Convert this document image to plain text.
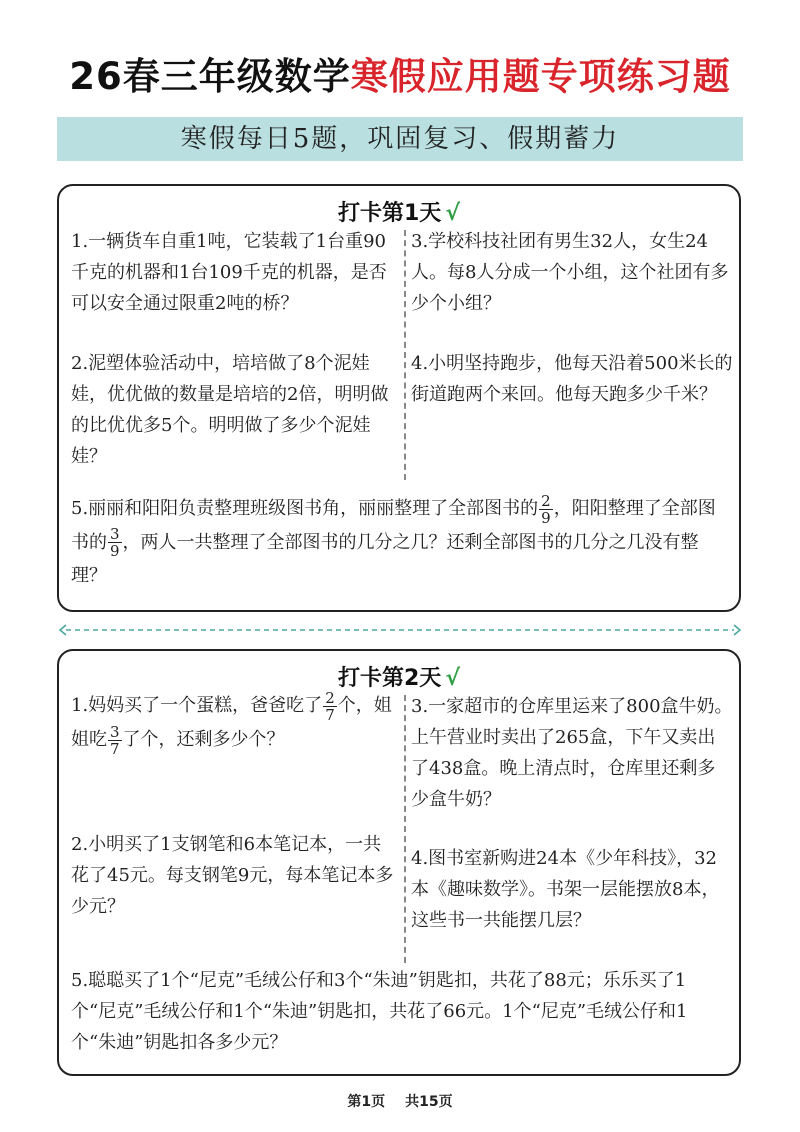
26春三年级数学寒假应用题专项练习题
寒假每日5题，巩固复习、假期蓄力
打卡第1天 √
1.一辆货车自重1吨，它装载了1台重90千克的机器和1台109千克的机器，是否可以安全通过限重2吨的桥？
3.学校科技社团有男生32人，女生24人。每8人分成一个小组，这个社团有多少个小组？
2.泥塑体验活动中，培培做了8个泥娃娃，优优做的数量是培培的2倍，明明做的比优优多5个。明明做了多少个泥娃娃？
4.小明坚持跑步，他每天沿着500米长的街道跑两个来回。他每天跑多少千米？
5.丽丽和阳阳负责整理班级图书角，丽丽整理了全部图书的 $\frac{2}{9}$ ，阳阳整理了全部图书的 $\frac{3}{9}$ ，两人一共整理了全部图书的几分之几？还剩全部图书的几分之几没有整理？
打卡第2天 √
1.妈妈买了一个蛋糕，爸爸吃了 $\frac{2}{7}$ 个，姐姐吃 $\frac{3}{7}$ 了个，还剩多少个？
3.一家超市的仓库里运来了800盒牛奶。上午营业时卖出了265盒，下午又卖出了438盒。晚上清点时，仓库里还剩多少盒牛奶？
2.小明买了1支钢笔和6本笔记本，一共花了45元。每支钢笔9元，每本笔记本多少元？
4.图书室新购进24本《少年科技》，32本《趣味数学》。书架一层能摆放8本，这些书一共能摆几层？
5.聪聪买了1个“尼克”毛绒公仔和3个“朱迪”钥匙扣，共花了88元；乐乐买了1个“尼克”毛绒公仔和1个“朱迪”钥匙扣，共花了66元。1个“尼克”毛绒公仔和1个“朱迪”钥匙扣各多少元？
第1页 共15页
